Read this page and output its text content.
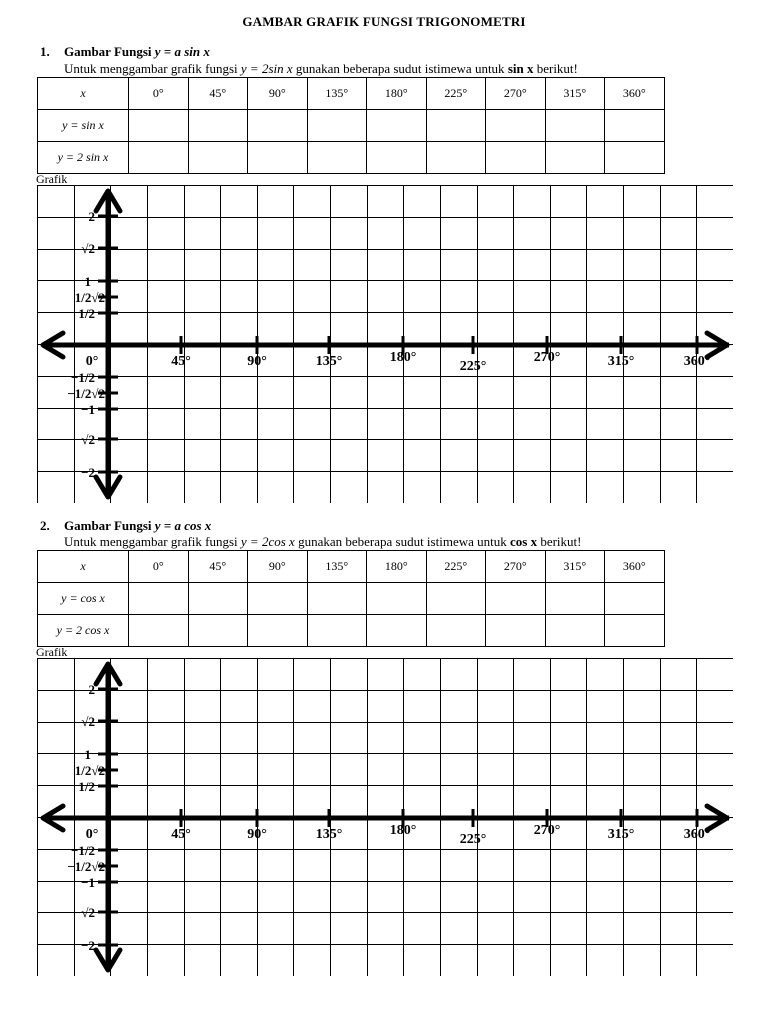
GAMBAR GRAFIK FUNGSI TRIGONOMETRI
1. Gambar Fungsi y = a sin x
Untuk menggambar grafik fungsi y = 2sin x gunakan beberapa sudut istimewa untuk sin x berikut!
x	0°	45°	90°	135°	180°	225°	270°	315°	360°
y = sin x									
y = 2 sin x									
Grafik
45°	90°	135°	180°
225°
270°	315°	360°
0°
2
√2
1
1/2√2
1/2
−1/2
−1/2√2
−1
√2
−2
2. Gambar Fungsi y = a cos x
Untuk menggambar grafik fungsi y = 2cos x gunakan beberapa sudut istimewa untuk cos x berikut!
x	0°	45°	90°	135°	180°	225°	270°	315°	360°
y = cos x									
y = 2 cos x									
Grafik
45°	90°	135°	180°
225°
270°	315°	360°
0°
2
√2
1
1/2√2
1/2
−1/2
−1/2√2
−1
−√2
−2
